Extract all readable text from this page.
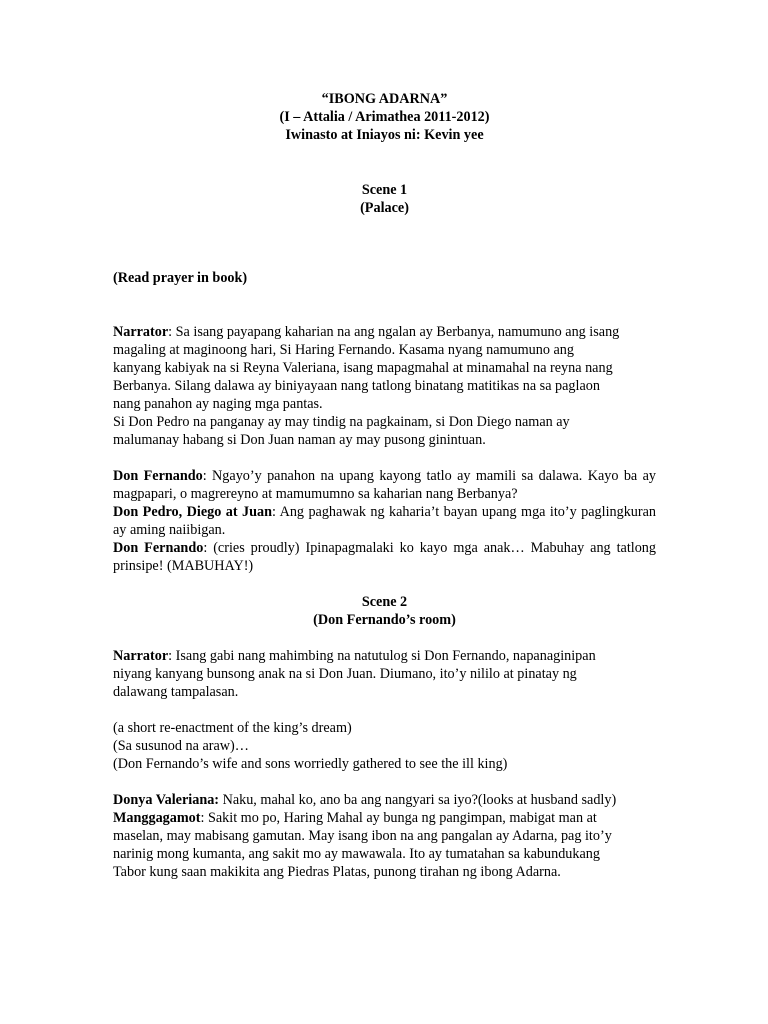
“IBONG ADARNA”
(I – Attalia / Arimathea 2011-2012)
Iwinasto at Iniayos ni: Kevin yee
Scene 1
(Palace)

(Read prayer in book)

Narrator: Sa isang payapang kaharian na ang ngalan ay Berbanya, namumuno ang isang
magaling at maginoong hari, Si Haring Fernando. Kasama nyang namumuno ang
kanyang kabiyak na si Reyna Valeriana, isang mapagmahal at minamahal na reyna nang
Berbanya. Silang dalawa ay biniyayaan nang tatlong binatang matitikas na sa paglaon
nang panahon ay naging mga pantas.
Si Don Pedro na panganay ay may tindig na pagkainam, si Don Diego naman ay
malumanay habang si Don Juan naman ay may pusong ginintuan.

Don Fernando: Ngayo’y panahon na upang kayong tatlo ay mamili sa dalawa. Kayo ba ay magpapari, o magrereyno at mamumumno sa kaharian nang Berbanya?

Don Pedro, Diego at Juan: Ang paghawak ng kaharia’t bayan upang mga ito’y paglingkuran ay aming naiibigan.

Don Fernando: (cries proudly) Ipinapagmalaki ko kayo mga anak… Mabuhay ang tatlong prinsipe! (MABUHAY!)

Scene 2
(Don Fernando’s room)
Narrator: Isang gabi nang mahimbing na natutulog si Don Fernando, napanaginipan
niyang kanyang bunsong anak na si Don Juan. Diumano, ito’y nililo at pinatay ng
dalawang tampalasan.
(a short re-enactment of the king’s dream)
(Sa susunod na araw)…
(Don Fernando’s wife and sons worriedly gathered to see the ill king)
Donya Valeriana: Naku, mahal ko, ano ba ang nangyari sa iyo?(looks at husband sadly)
Manggagamot: Sakit mo po, Haring Mahal ay bunga ng pangimpan, mabigat man at
maselan, may mabisang gamutan. May isang ibon na ang pangalan ay Adarna, pag ito’y
narinig mong kumanta, ang sakit mo ay mawawala. Ito ay tumatahan sa kabundukang
Tabor kung saan makikita ang Piedras Platas, punong tirahan ng ibong Adarna.
